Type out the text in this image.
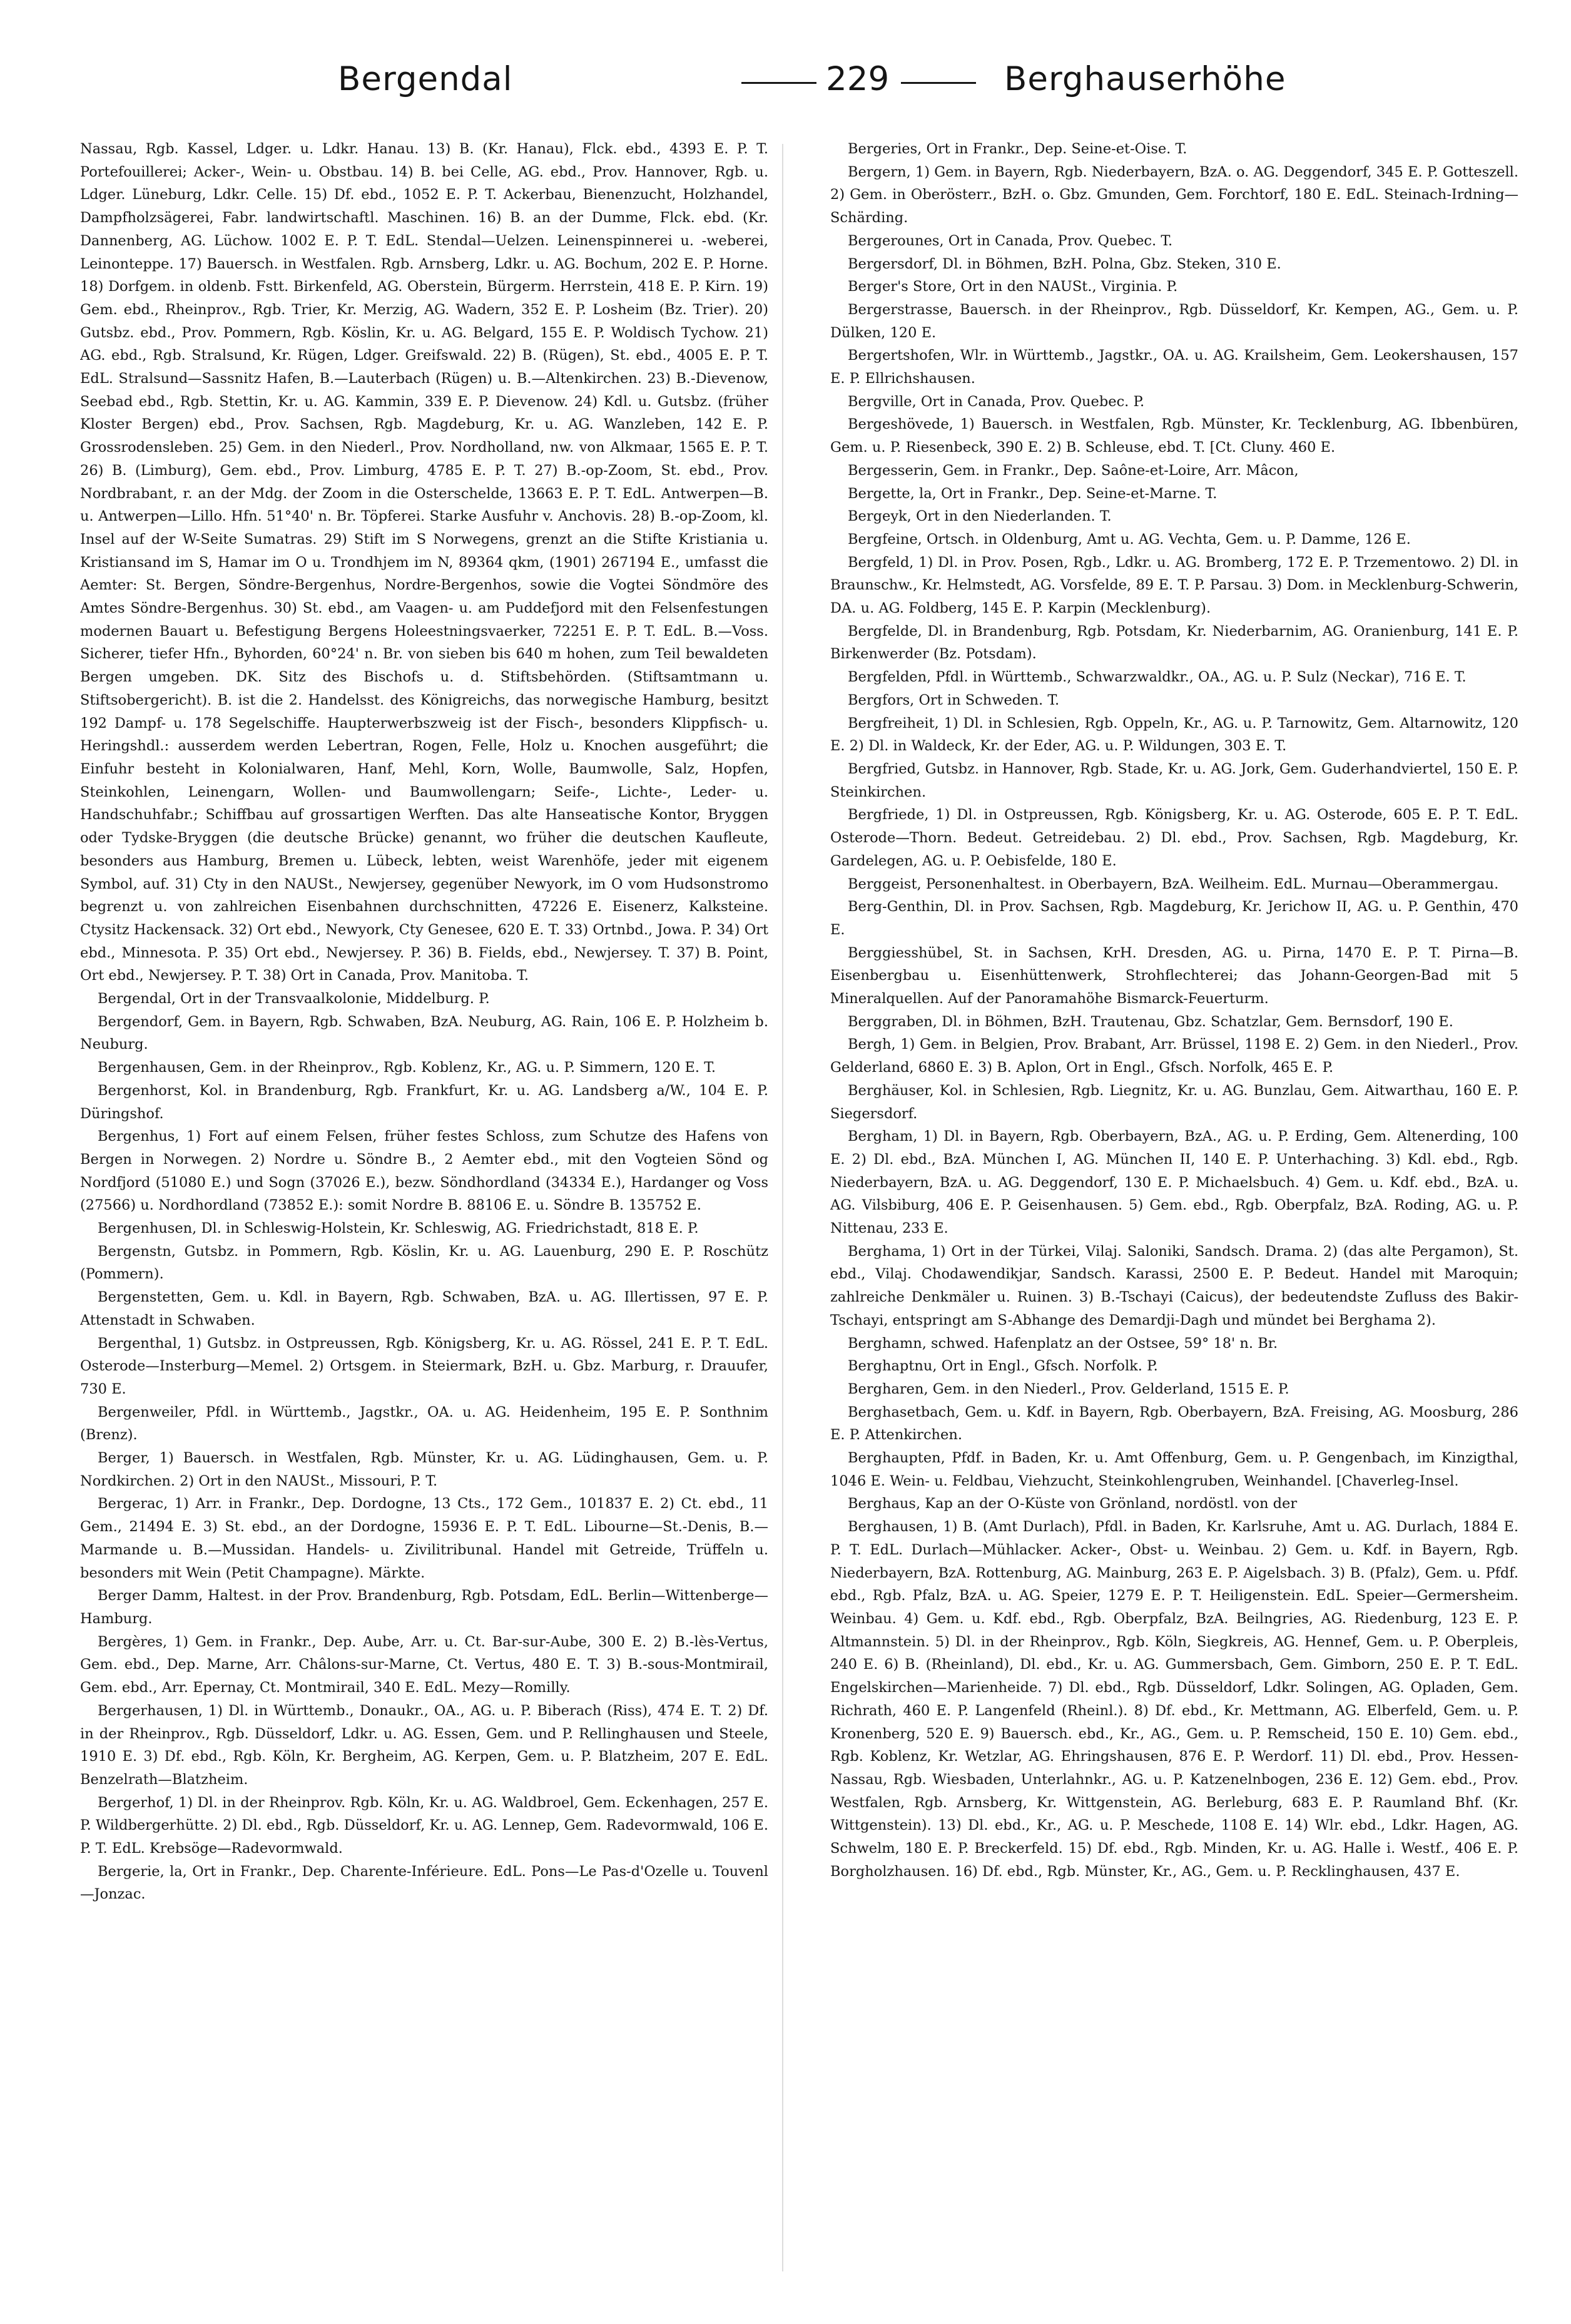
Bergendal	229	Berghauserhöhe

Nassau, Rgb. Kassel, Ldger. u. Ldkr. Hanau. 13) B. (Kr. Hanau), Flck. ebd., 4393 E. P. T. Portefouillerei; Acker-, Wein- u. Obstbau. 14) B. bei Celle, AG. ebd., Prov. Hannover, Rgb. u. Ldger. Lüneburg, Ldkr. Celle. 15) Df. ebd., 1052 E. P. T. Ackerbau, Bienenzucht, Holzhandel, Dampfholzsägerei, Fabr. landwirtschaftl. Maschinen. 16) B. an der Dumme, Flck. ebd. (Kr. Dannenberg, AG. Lüchow. 1002 E. P. T. EdL. Stendal—Uelzen. Leinenspinnerei u. -weberei, Leinonteppe. 17) Bauersch. in Westfalen. Rgb. Arnsberg, Ldkr. u. AG. Bochum, 202 E. P. Horne. 18) Dorfgem. in oldenb. Fstt. Birkenfeld, AG. Oberstein, Bürgerm. Herrstein, 418 E. P. Kirn. 19) Gem. ebd., Rheinprov., Rgb. Trier, Kr. Merzig, AG. Wadern, 352 E. P. Losheim (Bz. Trier). 20) Gutsbz. ebd., Prov. Pommern, Rgb. Köslin, Kr. u. AG. Belgard, 155 E. P. Woldisch Tychow. 21) AG. ebd., Rgb. Stralsund, Kr. Rügen, Ldger. Greifswald. 22) B. (Rügen), St. ebd., 4005 E. P. T. EdL. Stralsund—Sassnitz Hafen, B.—Lauterbach (Rügen) u. B.—Altenkirchen. 23) B.-Dievenow, Seebad ebd., Rgb. Stettin, Kr. u. AG. Kammin, 339 E. P. Dievenow. 24) Kdl. u. Gutsbz. (früher Kloster Bergen) ebd., Prov. Sachsen, Rgb. Magdeburg, Kr. u. AG. Wanzleben, 142 E. P. Grossrodensleben. 25) Gem. in den Niederl., Prov. Nordholland, nw. von Alkmaar, 1565 E. P. T. 26) B. (Limburg), Gem. ebd., Prov. Limburg, 4785 E. P. T. 27) B.-op-Zoom, St. ebd., Prov. Nordbrabant, r. an der Mdg. der Zoom in die Osterschelde, 13663 E. P. T. EdL. Antwerpen—B. u. Antwerpen—Lillo. Hfn. 51°40' n. Br. Töpferei. Starke Ausfuhr v. Anchovis. 28) B.-op-Zoom, kl. Insel auf der W-Seite Sumatras. 29) Stift im S Norwegens, grenzt an die Stifte Kristiania u. Kristiansand im S, Hamar im O u. Trondhjem im N, 89364 qkm, (1901) 267194 E., umfasst die Aemter: St. Bergen, Söndre-Bergenhus, Nordre-Bergenhos, sowie die Vogtei Söndmöre des Amtes Söndre-Bergenhus. 30) St. ebd., am Vaagen- u. am Puddefjord mit den Felsenfestungen modernen Bauart u. Befestigung Bergens Holeestningsvaerker, 72251 E. P. T. EdL. B.—Voss. Sicherer, tiefer Hfn., Byhorden, 60°24' n. Br. von sieben bis 640 m hohen, zum Teil bewaldeten Bergen umgeben. DK. Sitz des Bischofs u. d. Stiftsbehörden. (Stiftsamtmann u. Stiftsobergericht). B. ist die 2. Handelsst. des Königreichs, das norwegische Hamburg, besitzt 192 Dampf- u. 178 Segelschiffe. Haupterwerbszweig ist der Fisch-, besonders Klippfisch- u. Heringshdl.: ausserdem werden Lebertran, Rogen, Felle, Holz u. Knochen ausgeführt; die Einfuhr besteht in Kolonialwaren, Hanf, Mehl, Korn, Wolle, Baumwolle, Salz, Hopfen, Steinkohlen, Leinengarn, Wollen- und Baumwollengarn; Seife-, Lichte-, Leder- u. Handschuhfabr.; Schiffbau auf grossartigen Werften. Das alte Hanseatische Kontor, Bryggen oder Tydske-Bryggen (die deutsche Brücke) genannt, wo früher die deutschen Kaufleute, besonders aus Hamburg, Bremen u. Lübeck, lebten, weist Warenhöfe, jeder mit eigenem Symbol, auf. 31) Cty in den NAUSt., Newjersey, gegenüber Newyork, im O vom Hudsonstromo begrenzt u. von zahlreichen Eisenbahnen durchschnitten, 47226 E. Eisenerz, Kalksteine. Ctysitz Hackensack. 32) Ort ebd., Newyork, Cty Genesee, 620 E. T. 33) Ortnbd., Jowa. P. 34) Ort ebd., Minnesota. P. 35) Ort ebd., Newjersey. P. 36) B. Fields, ebd., Newjersey. T. 37) B. Point, Ort ebd., Newjersey. P. T. 38) Ort in Canada, Prov. Manitoba. T.

Bergendal, Ort in der Transvaalkolonie, Middelburg. P.

Bergendorf, Gem. in Bayern, Rgb. Schwaben, BzA. Neuburg, AG. Rain, 106 E. P. Holzheim b. Neuburg.

Bergenhausen, Gem. in der Rheinprov., Rgb. Koblenz, Kr., AG. u. P. Simmern, 120 E. T.

Bergenhorst, Kol. in Brandenburg, Rgb. Frankfurt, Kr. u. AG. Landsberg a/W., 104 E. P. Düringshof.

Bergenhus, 1) Fort auf einem Felsen, früher festes Schloss, zum Schutze des Hafens von Bergen in Norwegen. 2) Nordre u. Söndre B., 2 Aemter ebd., mit den Vogteien Sönd og Nordfjord (51080 E.) und Sogn (37026 E.), bezw. Söndhordland (34334 E.), Hardanger og Voss (27566) u. Nordhordland (73852 E.): somit Nordre B. 88106 E. u. Söndre B. 135752 E.

Bergenhusen, Dl. in Schleswig-Holstein, Kr. Schleswig, AG. Friedrichstadt, 818 E. P.

Bergenstn, Gutsbz. in Pommern, Rgb. Köslin, Kr. u. AG. Lauenburg, 290 E. P. Roschütz (Pommern).

Bergenstetten, Gem. u. Kdl. in Bayern, Rgb. Schwaben, BzA. u. AG. Illertissen, 97 E. P. Attenstadt in Schwaben.

Bergenthal, 1) Gutsbz. in Ostpreussen, Rgb. Königsberg, Kr. u. AG. Rössel, 241 E. P. T. EdL. Osterode—Insterburg—Memel. 2) Ortsgem. in Steiermark, BzH. u. Gbz. Marburg, r. Drauufer, 730 E.

Bergenweiler, Pfdl. in Württemb., Jagstkr., OA. u. AG. Heidenheim, 195 E. P. Sonthnim (Brenz).

Berger, 1) Bauersch. in Westfalen, Rgb. Münster, Kr. u. AG. Lüdinghausen, Gem. u. P. Nordkirchen. 2) Ort in den NAUSt., Missouri, P. T.

Bergerac, 1) Arr. in Frankr., Dep. Dordogne, 13 Cts., 172 Gem., 101837 E. 2) Ct. ebd., 11 Gem., 21494 E. 3) St. ebd., an der Dordogne, 15936 E. P. T. EdL. Libourne—St.-Denis, B.—Marmande u. B.—Mussidan. Handels- u. Zivilitribunal. Handel mit Getreide, Trüffeln u. besonders mit Wein (Petit Champagne). Märkte.

Berger Damm, Haltest. in der Prov. Brandenburg, Rgb. Potsdam, EdL. Berlin—Wittenberge—Hamburg.

Bergères, 1) Gem. in Frankr., Dep. Aube, Arr. u. Ct. Bar-sur-Aube, 300 E. 2) B.-lès-Vertus, Gem. ebd., Dep. Marne, Arr. Châlons-sur-Marne, Ct. Vertus, 480 E. T. 3) B.-sous-Montmirail, Gem. ebd., Arr. Epernay, Ct. Montmirail, 340 E. EdL. Mezy—Romilly.

Bergerhausen, 1) Dl. in Württemb., Donaukr., OA., AG. u. P. Biberach (Riss), 474 E. T. 2) Df. in der Rheinprov., Rgb. Düsseldorf, Ldkr. u. AG. Essen, Gem. und P. Rellinghausen und Steele, 1910 E. 3) Df. ebd., Rgb. Köln, Kr. Bergheim, AG. Kerpen, Gem. u. P. Blatzheim, 207 E. EdL. Benzelrath—Blatzheim.

Bergerhof, 1) Dl. in der Rheinprov. Rgb. Köln, Kr. u. AG. Waldbroel, Gem. Eckenhagen, 257 E. P. Wildbergerhütte. 2) Dl. ebd., Rgb. Düsseldorf, Kr. u. AG. Lennep, Gem. Radevormwald, 106 E. P. T. EdL. Krebsöge—Radevormwald.

Bergerie, la, Ort in Frankr., Dep. Charente-Inférieure. EdL. Pons—Le Pas-d'Ozelle u. Touvenl—Jonzac.

Bergeries, Ort in Frankr., Dep. Seine-et-Oise. T.

Bergern, 1) Gem. in Bayern, Rgb. Niederbayern, BzA. o. AG. Deggendorf, 345 E. P. Gotteszell. 2) Gem. in Oberösterr., BzH. o. Gbz. Gmunden, Gem. Forchtorf, 180 E. EdL. Steinach-Irdning—Schärding.

Bergerounes, Ort in Canada, Prov. Quebec. T.

Bergersdorf, Dl. in Böhmen, BzH. Polna, Gbz. Steken, 310 E.

Berger's Store, Ort in den NAUSt., Virginia. P.

Bergerstrasse, Bauersch. in der Rheinprov., Rgb. Düsseldorf, Kr. Kempen, AG., Gem. u. P. Dülken, 120 E.

Bergertshofen, Wlr. in Württemb., Jagstkr., OA. u. AG. Krailsheim, Gem. Leokershausen, 157 E. P. Ellrichshausen.

Bergville, Ort in Canada, Prov. Quebec. P.

Bergeshövede, 1) Bauersch. in Westfalen, Rgb. Münster, Kr. Tecklenburg, AG. Ibbenbüren, Gem. u. P. Riesenbeck, 390 E. 2) B. Schleuse, ebd. T. [Ct. Cluny. 460 E.

Bergesserin, Gem. in Frankr., Dep. Saône-et-Loire, Arr. Mâcon,

Bergette, la, Ort in Frankr., Dep. Seine-et-Marne. T.

Bergeyk, Ort in den Niederlanden. T.

Bergfeine, Ortsch. in Oldenburg, Amt u. AG. Vechta, Gem. u. P. Damme, 126 E.

Bergfeld, 1) Dl. in Prov. Posen, Rgb., Ldkr. u. AG. Bromberg, 172 E. P. Trzementowo. 2) Dl. in Braunschw., Kr. Helmstedt, AG. Vorsfelde, 89 E. T. P. Parsau. 3) Dom. in Mecklenburg-Schwerin, DA. u. AG. Foldberg, 145 E. P. Karpin (Mecklenburg).

Bergfelde, Dl. in Brandenburg, Rgb. Potsdam, Kr. Niederbarnim, AG. Oranienburg, 141 E. P. Birkenwerder (Bz. Potsdam).

Bergfelden, Pfdl. in Württemb., Schwarzwaldkr., OA., AG. u. P. Sulz (Neckar), 716 E. T.

Bergfors, Ort in Schweden. T.

Bergfreiheit, 1) Dl. in Schlesien, Rgb. Oppeln, Kr., AG. u. P. Tarnowitz, Gem. Altarnowitz, 120 E. 2) Dl. in Waldeck, Kr. der Eder, AG. u. P. Wildungen, 303 E. T.

Bergfried, Gutsbz. in Hannover, Rgb. Stade, Kr. u. AG. Jork, Gem. Guderhandviertel, 150 E. P. Steinkirchen.

Bergfriede, 1) Dl. in Ostpreussen, Rgb. Königsberg, Kr. u. AG. Osterode, 605 E. P. T. EdL. Osterode—Thorn. Bedeut. Getreidebau. 2) Dl. ebd., Prov. Sachsen, Rgb. Magdeburg, Kr. Gardelegen, AG. u. P. Oebisfelde, 180 E.

Berggeist, Personenhaltest. in Oberbayern, BzA. Weilheim. EdL. Murnau—Oberammergau.

Berg-Genthin, Dl. in Prov. Sachsen, Rgb. Magdeburg, Kr. Jerichow II, AG. u. P. Genthin, 470 E.

Berggiesshübel, St. in Sachsen, KrH. Dresden, AG. u. Pirna, 1470 E. P. T. Pirna—B. Eisenbergbau u. Eisenhüttenwerk, Strohflechterei; das Johann-Georgen-Bad mit 5 Mineralquellen. Auf der Panoramahöhe Bismarck-Feuerturm.

Berggraben, Dl. in Böhmen, BzH. Trautenau, Gbz. Schatzlar, Gem. Bernsdorf, 190 E.

Bergh, 1) Gem. in Belgien, Prov. Brabant, Arr. Brüssel, 1198 E. 2) Gem. in den Niederl., Prov. Gelderland, 6860 E. 3) B. Aplon, Ort in Engl., Gfsch. Norfolk, 465 E. P.

Berghäuser, Kol. in Schlesien, Rgb. Liegnitz, Kr. u. AG. Bunzlau, Gem. Aitwarthau, 160 E. P. Siegersdorf.

Bergham, 1) Dl. in Bayern, Rgb. Oberbayern, BzA., AG. u. P. Erding, Gem. Altenerding, 100 E. 2) Dl. ebd., BzA. München I, AG. München II, 140 E. P. Unterhaching. 3) Kdl. ebd., Rgb. Niederbayern, BzA. u. AG. Deggendorf, 130 E. P. Michaelsbuch. 4) Gem. u. Kdf. ebd., BzA. u. AG. Vilsbiburg, 406 E. P. Geisenhausen. 5) Gem. ebd., Rgb. Oberpfalz, BzA. Roding, AG. u. P. Nittenau, 233 E.

Berghama, 1) Ort in der Türkei, Vilaj. Saloniki, Sandsch. Drama. 2) (das alte Pergamon), St. ebd., Vilaj. Chodawendikjar, Sandsch. Karassi, 2500 E. P. Bedeut. Handel mit Maroquin; zahlreiche Denkmäler u. Ruinen. 3) B.-Tschayi (Caicus), der bedeutendste Zufluss des Bakir-Tschayi, entspringt am S-Abhange des Demardji-Dagh und mündet bei Berghama 2).

Berghamn, schwed. Hafenplatz an der Ostsee, 59° 18' n. Br.

Berghaptnu, Ort in Engl., Gfsch. Norfolk. P.

Bergharen, Gem. in den Niederl., Prov. Gelderland, 1515 E. P.

Berghasetbach, Gem. u. Kdf. in Bayern, Rgb. Oberbayern, BzA. Freising, AG. Moosburg, 286 E. P. Attenkirchen.

Berghaupten, Pfdf. in Baden, Kr. u. Amt Offenburg, Gem. u. P. Gengenbach, im Kinzigthal, 1046 E. Wein- u. Feldbau, Viehzucht, Steinkohlengruben, Weinhandel. [Chaverleg-Insel.

Berghaus, Kap an der O-Küste von Grönland, nordöstl. von der

Berghausen, 1) B. (Amt Durlach), Pfdl. in Baden, Kr. Karlsruhe, Amt u. AG. Durlach, 1884 E. P. T. EdL. Durlach—Mühlacker. Acker-, Obst- u. Weinbau. 2) Gem. u. Kdf. in Bayern, Rgb. Niederbayern, BzA. Rottenburg, AG. Mainburg, 263 E. P. Aigelsbach. 3) B. (Pfalz), Gem. u. Pfdf. ebd., Rgb. Pfalz, BzA. u. AG. Speier, 1279 E. P. T. Heiligenstein. EdL. Speier—Germersheim. Weinbau. 4) Gem. u. Kdf. ebd., Rgb. Oberpfalz, BzA. Beilngries, AG. Riedenburg, 123 E. P. Altmannstein. 5) Dl. in der Rheinprov., Rgb. Köln, Siegkreis, AG. Hennef, Gem. u. P. Oberpleis, 240 E. 6) B. (Rheinland), Dl. ebd., Kr. u. AG. Gummersbach, Gem. Gimborn, 250 E. P. T. EdL. Engelskirchen—Marienheide. 7) Dl. ebd., Rgb. Düsseldorf, Ldkr. Solingen, AG. Opladen, Gem. Richrath, 460 E. P. Langenfeld (Rheinl.). 8) Df. ebd., Kr. Mettmann, AG. Elberfeld, Gem. u. P. Kronenberg, 520 E. 9) Bauersch. ebd., Kr., AG., Gem. u. P. Remscheid, 150 E. 10) Gem. ebd., Rgb. Koblenz, Kr. Wetzlar, AG. Ehringshausen, 876 E. P. Werdorf. 11) Dl. ebd., Prov. Hessen-Nassau, Rgb. Wiesbaden, Unterlahnkr., AG. u. P. Katzenelnbogen, 236 E. 12) Gem. ebd., Prov. Westfalen, Rgb. Arnsberg, Kr. Wittgenstein, AG. Berleburg, 683 E. P. Raumland Bhf. (Kr. Wittgenstein). 13) Dl. ebd., Kr., AG. u. P. Meschede, 1108 E. 14) Wlr. ebd., Ldkr. Hagen, AG. Schwelm, 180 E. P. Breckerfeld. 15) Df. ebd., Rgb. Minden, Kr. u. AG. Halle i. Westf., 406 E. P. Borgholzhausen. 16) Df. ebd., Rgb. Münster, Kr., AG., Gem. u. P. Recklinghausen, 437 E.
